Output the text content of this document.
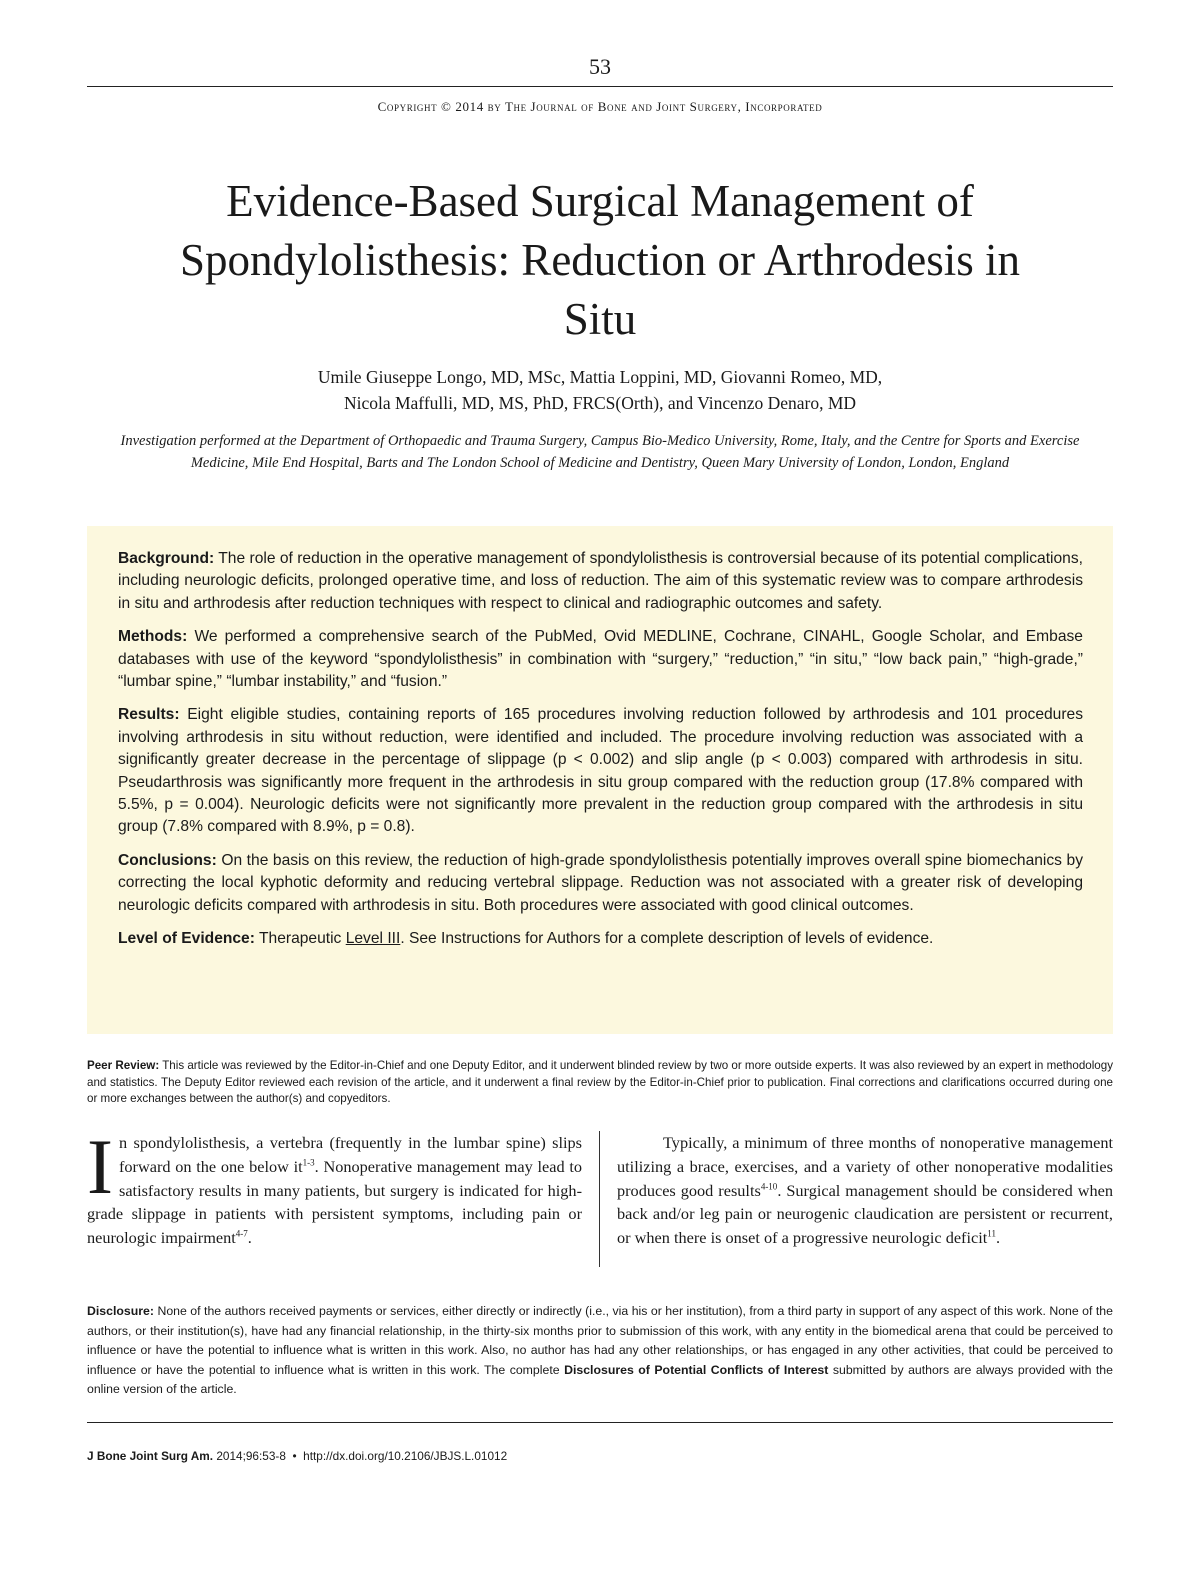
53
Copyright © 2014 by The Journal of Bone and Joint Surgery, Incorporated
Evidence-Based Surgical Management of Spondylolisthesis: Reduction or Arthrodesis in Situ
Umile Giuseppe Longo, MD, MSc, Mattia Loppini, MD, Giovanni Romeo, MD,
Nicola Maffulli, MD, MS, PhD, FRCS(Orth), and Vincenzo Denaro, MD
Investigation performed at the Department of Orthopaedic and Trauma Surgery, Campus Bio-Medico University, Rome, Italy, and the Centre for Sports and Exercise Medicine, Mile End Hospital, Barts and The London School of Medicine and Dentistry, Queen Mary University of London, London, England

Background: The role of reduction in the operative management of spondylolisthesis is controversial because of its potential complications, including neurologic deficits, prolonged operative time, and loss of reduction. The aim of this systematic review was to compare arthrodesis in situ and arthrodesis after reduction techniques with respect to clinical and radiographic outcomes and safety.

Methods: We performed a comprehensive search of the PubMed, Ovid MEDLINE, Cochrane, CINAHL, Google Scholar, and Embase databases with use of the keyword “spondylolisthesis” in combination with “surgery,” “reduction,” “in situ,” “low back pain,” “high-grade,” “lumbar spine,” “lumbar instability,” and “fusion.”

Results: Eight eligible studies, containing reports of 165 procedures involving reduction followed by arthrodesis and 101 procedures involving arthrodesis in situ without reduction, were identified and included. The procedure involving reduction was associated with a significantly greater decrease in the percentage of slippage (p < 0.002) and slip angle (p < 0.003) compared with arthrodesis in situ. Pseudarthrosis was significantly more frequent in the arthrodesis in situ group compared with the reduction group (17.8% compared with 5.5%, p = 0.004). Neurologic deficits were not significantly more prevalent in the reduction group compared with the arthrodesis in situ group (7.8% compared with 8.9%, p = 0.8).

Conclusions: On the basis on this review, the reduction of high-grade spondylolisthesis potentially improves overall spine biomechanics by correcting the local kyphotic deformity and reducing vertebral slippage. Reduction was not associated with a greater risk of developing neurologic deficits compared with arthrodesis in situ. Both procedures were associated with good clinical outcomes.

Level of Evidence: Therapeutic Level III. See Instructions for Authors for a complete description of levels of evidence.

Peer Review: This article was reviewed by the Editor-in-Chief and one Deputy Editor, and it underwent blinded review by two or more outside experts. It was also reviewed by an expert in methodology and statistics. The Deputy Editor reviewed each revision of the article, and it underwent a final review by the Editor-in-Chief prior to publication. Final corrections and clarifications occurred during one or more exchanges between the author(s) and copyeditors.
In spondylolisthesis, a vertebra (frequently in the lumbar spine) slips forward on the one below $it^{1-3}$. Nonoperative management may lead to satisfactory results in many patients, but surgery is indicated for high-grade slippage in patients with persistent symptoms, including pain or neurologic impairment$^{4-7}$.
Typically, a minimum of three months of nonoperative management utilizing a brace, exercises, and a variety of other nonoperative modalities produces good results$^{4-10}$. Surgical management should be considered when back and/or leg pain or neurogenic claudication are persistent or recurrent, or when there is onset of a progressive neurologic deficit$^{11}$.
Disclosure: None of the authors received payments or services, either directly or indirectly (i.e., via his or her institution), from a third party in support of any aspect of this work. None of the authors, or their institution(s), have had any financial relationship, in the thirty-six months prior to submission of this work, with any entity in the biomedical arena that could be perceived to influence or have the potential to influence what is written in this work. Also, no author has had any other relationships, or has engaged in any other activities, that could be perceived to influence or have the potential to influence what is written in this work. The complete Disclosures of Potential Conflicts of Interest submitted by authors are always provided with the online version of the article.
J Bone Joint Surg Am. 2014;96:53-8 • http://dx.doi.org/10.2106/JBJS.L.01012
